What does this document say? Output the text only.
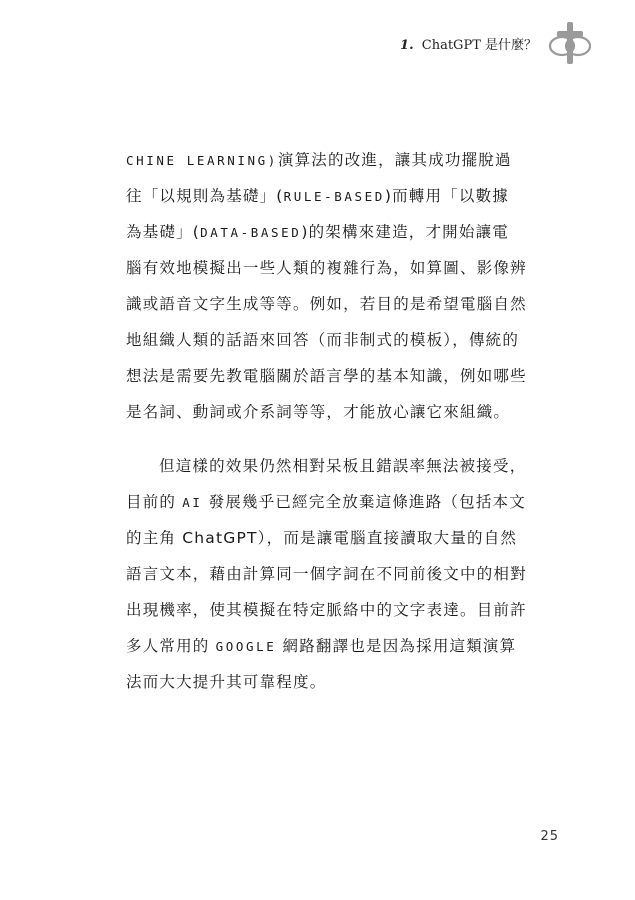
1. ChatGPT 是什麼？
CHINE LEARNING)演算法的改進，讓其成功擺脫過
往「以規則為基礎」(RULE-BASED)而轉用「以數據
為基礎」(DATA-BASED)的架構來建造，才開始讓電
腦有效地模擬出一些人類的複雜行為，如算圖、影像辨
識或語音文字生成等等。例如，若目的是希望電腦自然
地組織人類的話語來回答（而非制式的模板），傳統的
想法是需要先教電腦關於語言學的基本知識，例如哪些
是名詞、動詞或介系詞等等，才能放心讓它來組織。
但這樣的效果仍然相對呆板且錯誤率無法被接受，
目前的 AI 發展幾乎已經完全放棄這條進路（包括本文
的主角 ChatGPT），而是讓電腦直接讀取大量的自然
語言文本，藉由計算同一個字詞在不同前後文中的相對
出現機率，使其模擬在特定脈絡中的文字表達。目前許
多人常用的 GOOGLE 網路翻譯也是因為採用這類演算
法而大大提升其可靠程度。
25
